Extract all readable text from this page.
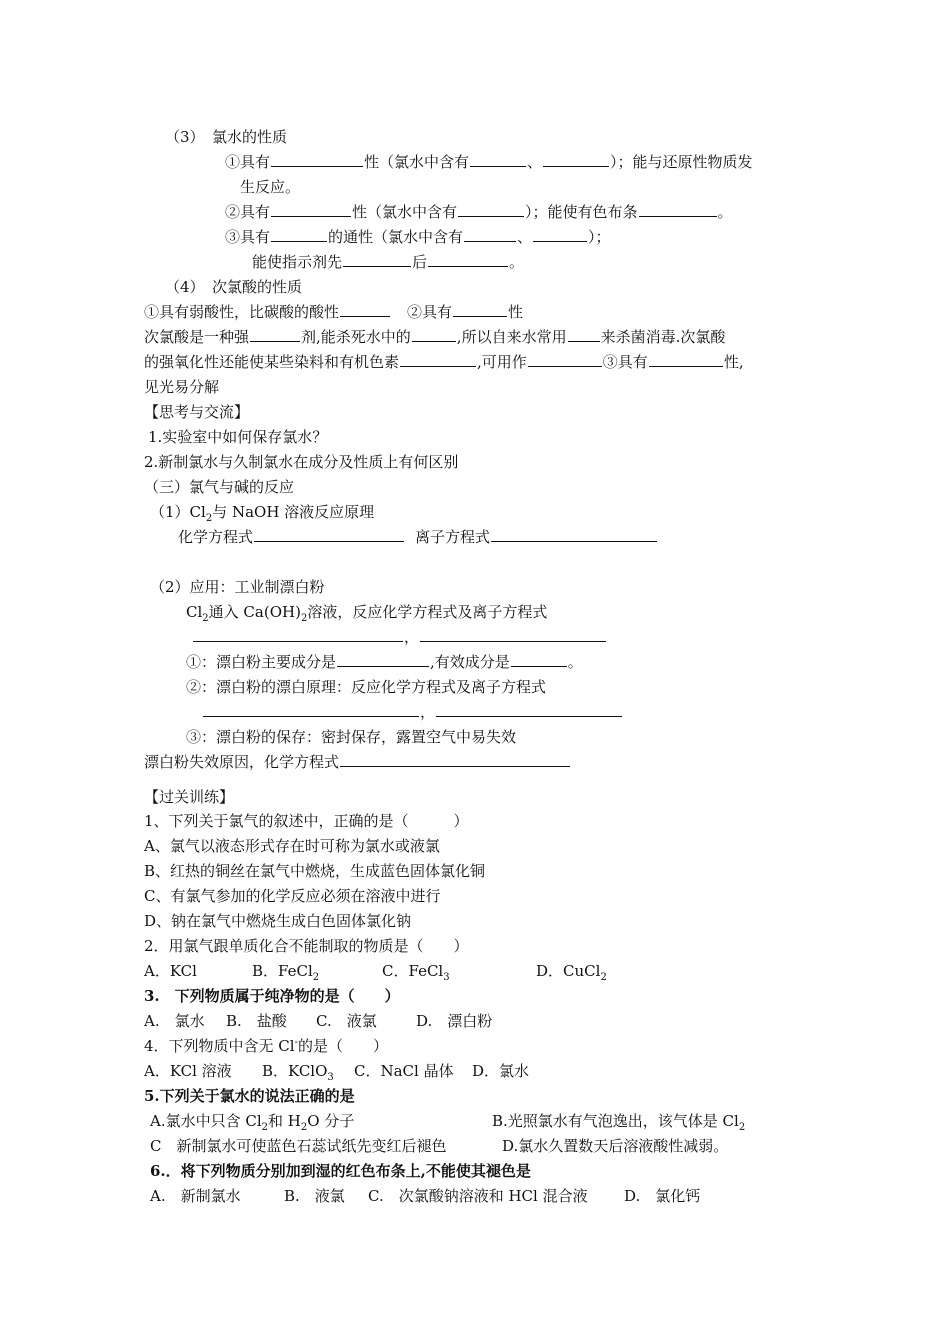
（3）　氯水的性质
①具有	性（氯水中含有	、	）；能与还原性物质发
生反应。
②具有	性（氯水中含有	）；能使有色布条	。
③具有	的通性（氯水中含有	、	）；
能使指示剂先	后	。
（4）　次氯酸的性质
①具有弱酸性，比碳酸的酸性	②具有	性
次氯酸是一种强	剂,能杀死水中的	,所以自来水常用 来杀菌消毒.次氯酸
的强氧化性还能使某些染料和有机色素	,可用作	③具有	性,
见光易分解
【思考与交流】
1.实验室中如何保存氯水？
2.新制氯水与久制氯水在成分及性质上有何区别
（三）氯气与碱的反应
$(1)Cl_2$与 NaOH 溶液反应原理
化学方程式	离子方程式
（2）应用：工业制漂白粉
$Cl_2$通入 $Ca(OH)_2$溶液，反应化学方程式及离子方程式
，
①：漂白粉主要成分是	,有效成分是	。
②：漂白粉的漂白原理：反应化学方程式及离子方程式
，
③：漂白粉的保存：密封保存，露置空气中易失效
漂白粉失效原因，化学方程式
【过关训练】
1、下列关于氯气的叙述中，正确的是（　　　）
A、氯气以液态形式存在时可称为氯水或液氯
B、红热的铜丝在氯气中燃烧，生成蓝色固体氯化铜
C、有氯气参加的化学反应必须在溶液中进行
D、钠在氯气中燃烧生成白色固体氯化钠
2．用氯气跟单质化合不能制取的物质是（　　）
A．KCl	B．FeCl$_2$	C．FeCl$_3$	D．CuCl$_2$
3.　下列物质属于纯净物的是（　　）
A.　氯水 B.　盐酸 C.　液氯	D.　漂白粉
4．下列物质中含无 Cl-的是（　　）
A．KCl 溶液 B．KClO$_3$ C．NaCl 晶体 D．氯水
5.下列关于氯水的说法正确的是
A.氯水中只含 $Cl_2$和 $H_2O$ 分子	B.光照氯水有气泡逸出，该气体是 $Cl_2$
C　新制氯水可使蓝色石蕊试纸先变红后褪色	D.氯水久置数天后溶液酸性减弱。
6.．将下列物质分别加到湿的红色布条上,不能使其褪色是
A.　新制氯水	B.　液氯 C.　次氯酸钠溶液和 HCl 混合液 D.　氯化钙
